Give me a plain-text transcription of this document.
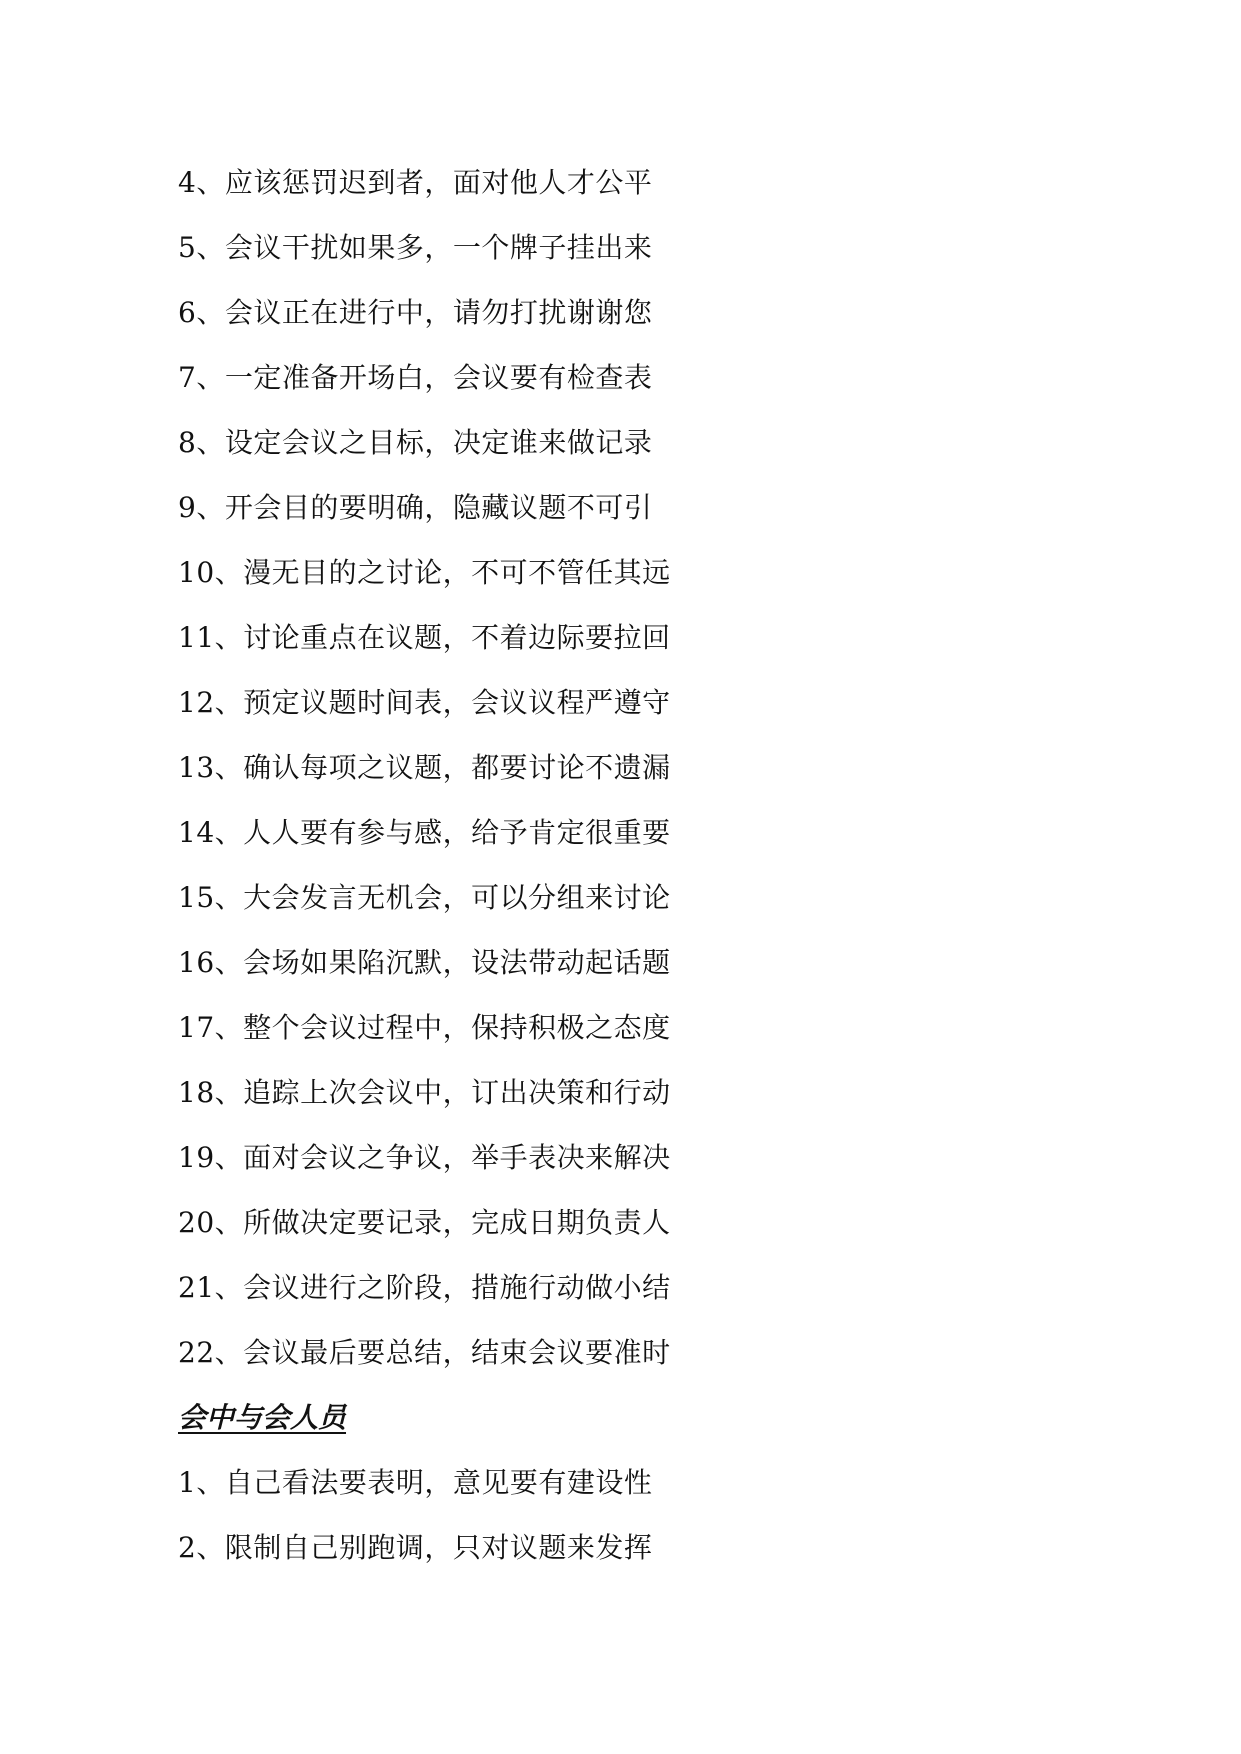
4、应该惩罚迟到者，面对他人才公平
5、会议干扰如果多，一个牌子挂出来
6、会议正在进行中，请勿打扰谢谢您
7、一定准备开场白，会议要有检查表
8、设定会议之目标，决定谁来做记录
9、开会目的要明确，隐藏议题不可引
10、漫无目的之讨论，不可不管任其远
11、讨论重点在议题，不着边际要拉回
12、预定议题时间表，会议议程严遵守
13、确认每项之议题，都要讨论不遗漏
14、人人要有参与感，给予肯定很重要
15、大会发言无机会，可以分组来讨论
16、会场如果陷沉默，设法带动起话题
17、整个会议过程中，保持积极之态度
18、追踪上次会议中，订出决策和行动
19、面对会议之争议，举手表决来解决
20、所做决定要记录，完成日期负责人
21、会议进行之阶段，措施行动做小结
22、会议最后要总结，结束会议要准时
会中与会人员
1、自己看法要表明，意见要有建设性
2、限制自己别跑调，只对议题来发挥
